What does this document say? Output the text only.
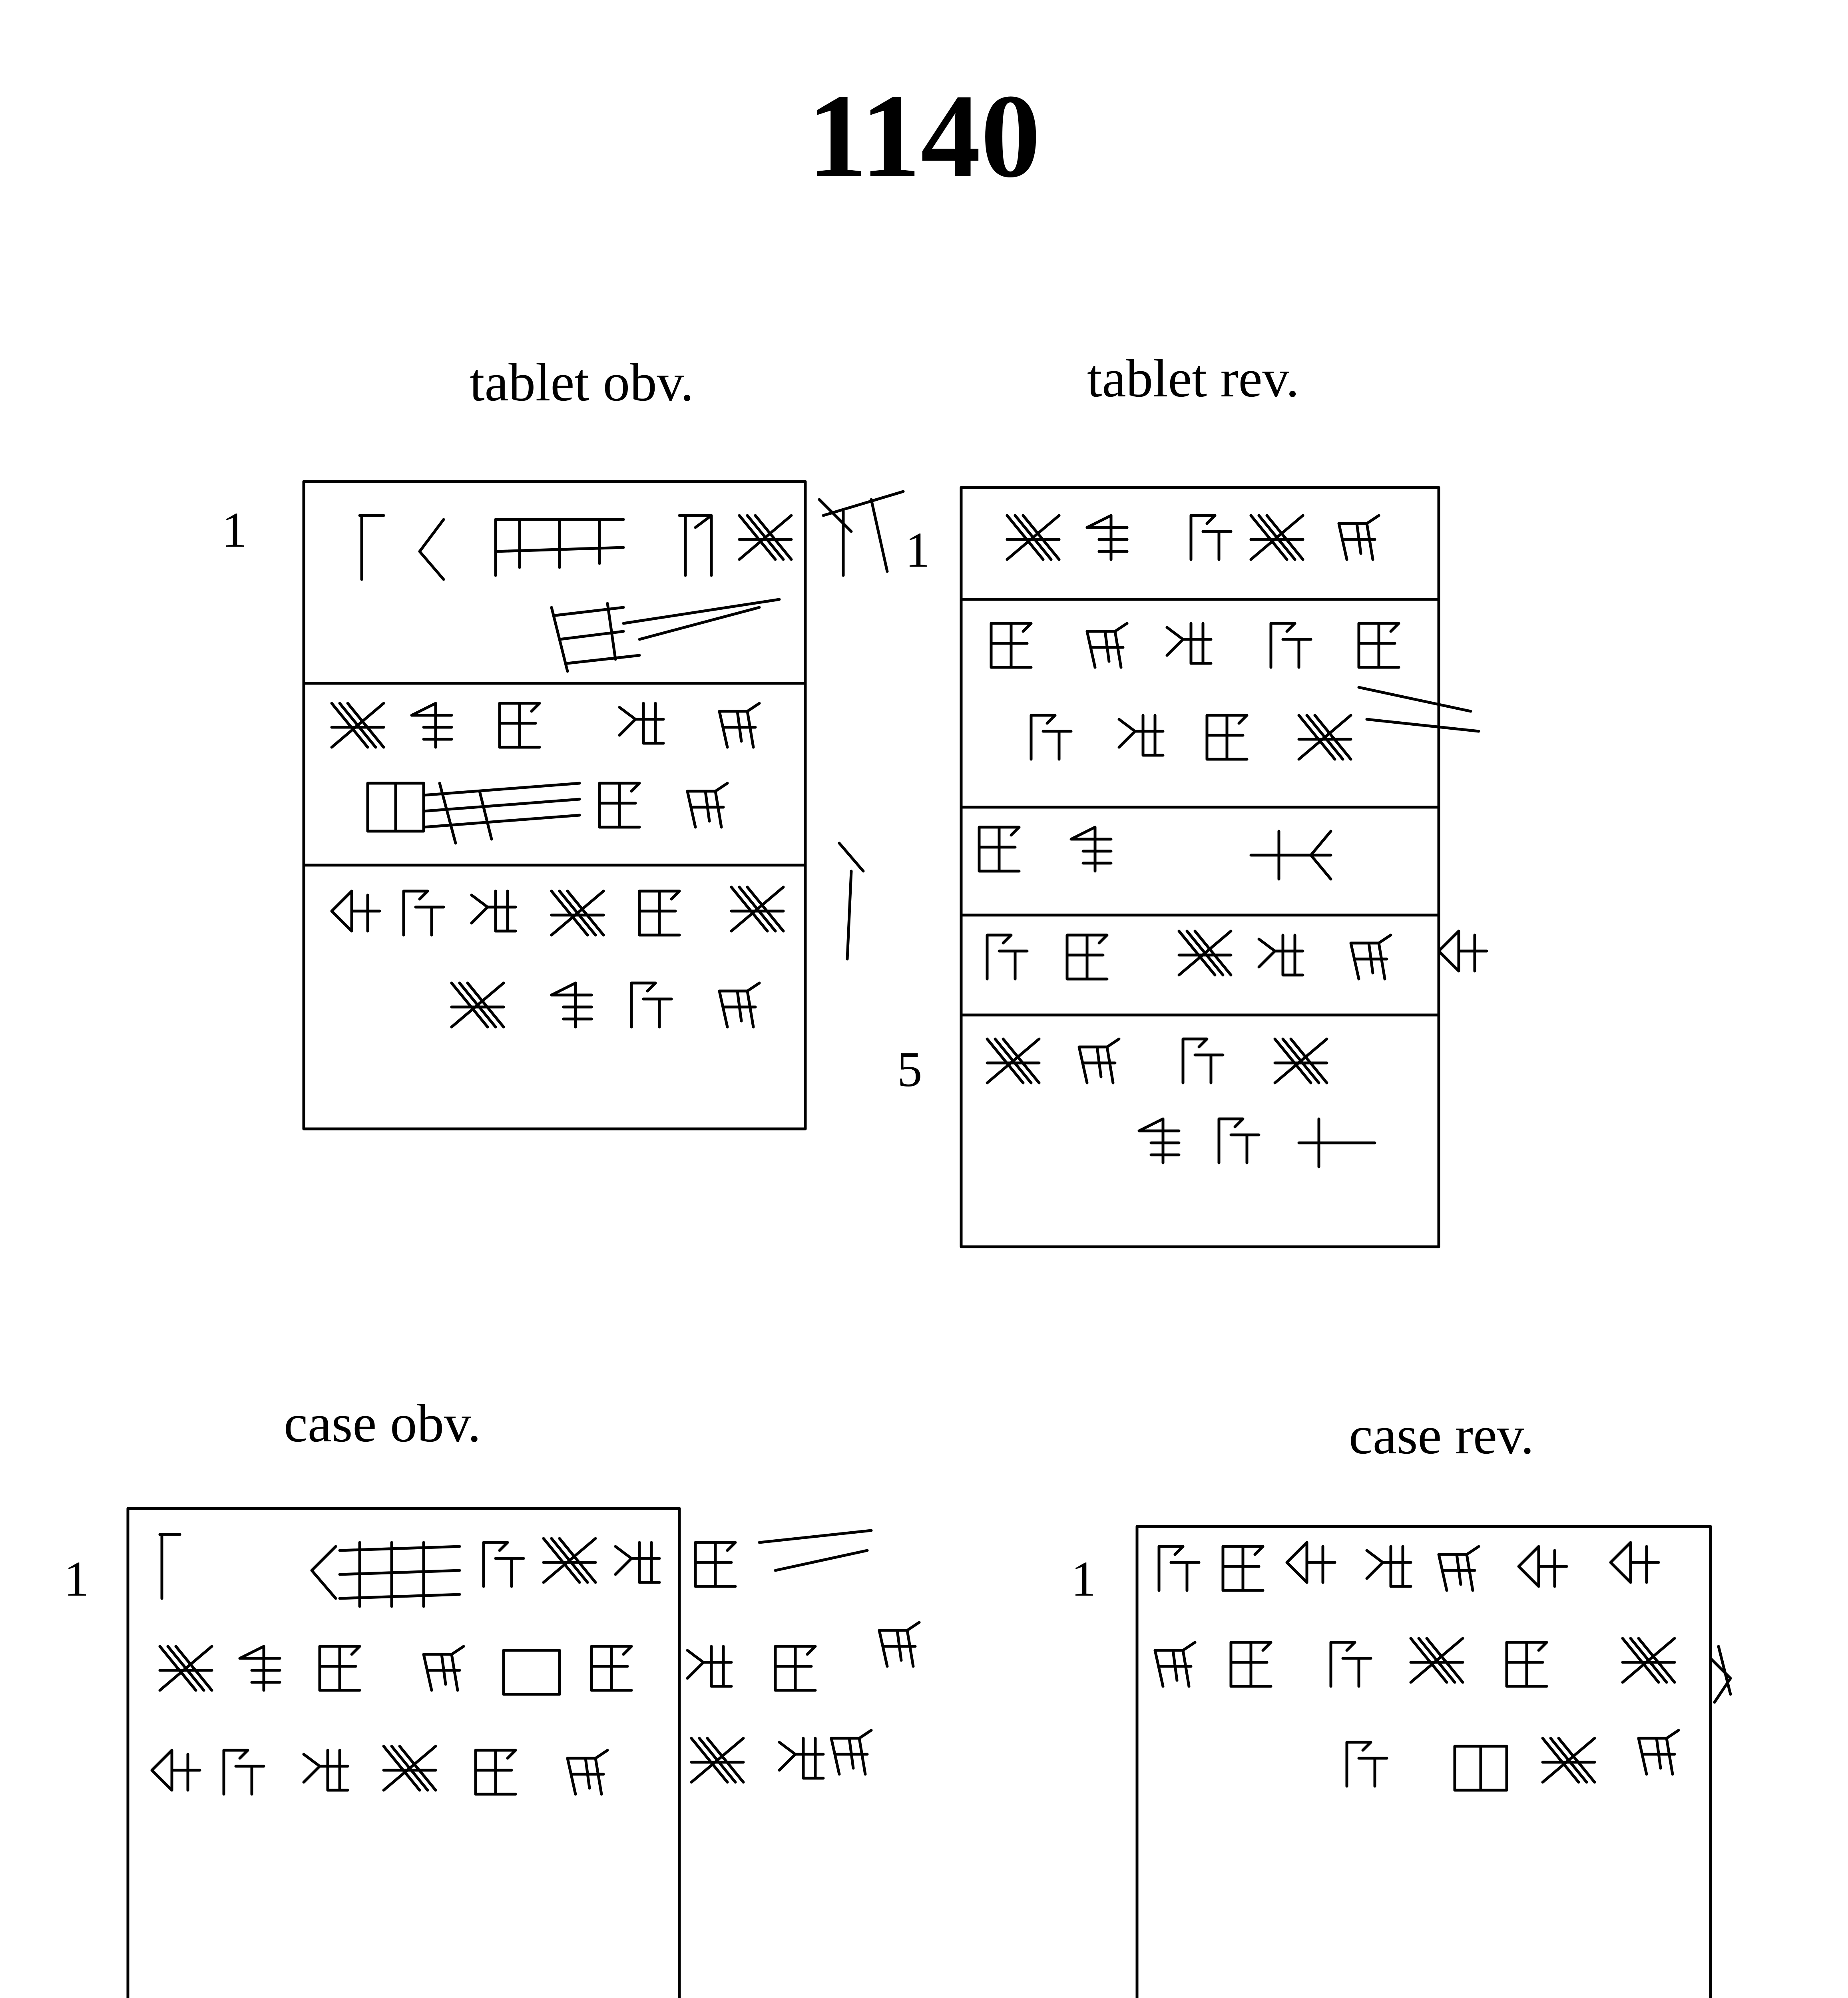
1140
tablet obv.	tablet rev.
case obv.	case rev.
1	1
5
1	1
